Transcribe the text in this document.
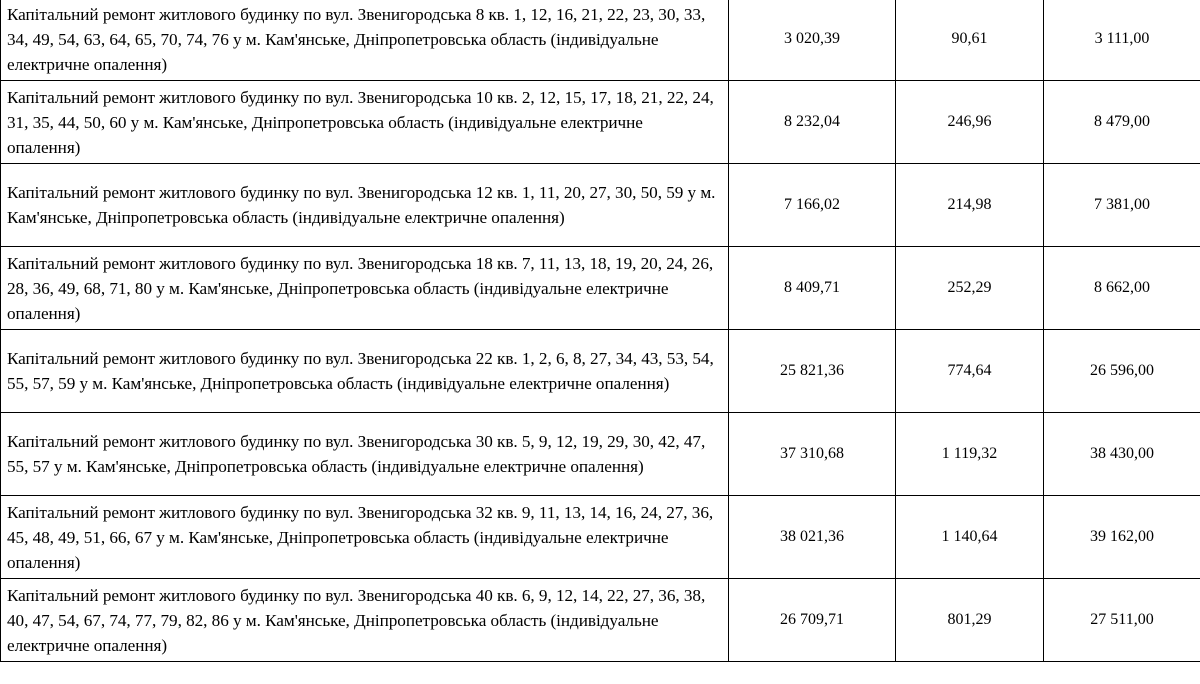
Капітальний ремонт житлового будинку по вул. Звенигородська 8 кв. 1, 12, 16, 21, 22, 23, 30, 33, 34, 49, 54, 63, 64, 65, 70, 74, 76 у м. Кам'янське, Дніпропетровська область (індивідуальне електричне опалення)	3 020,39	90,61	3 111,00
Капітальний ремонт житлового будинку по вул. Звенигородська 10 кв. 2, 12, 15, 17, 18, 21, 22, 24, 31, 35, 44, 50, 60 у м. Кам'янське, Дніпропетровська область (індивідуальне електричне опалення)	8 232,04	246,96	8 479,00
Капітальний ремонт житлового будинку по вул. Звенигородська 12 кв. 1, 11, 20, 27, 30, 50, 59 у м. Кам'янське, Дніпропетровська область (індивідуальне електричне опалення)	7 166,02	214,98	7 381,00
Капітальний ремонт житлового будинку по вул. Звенигородська 18 кв. 7, 11, 13, 18, 19, 20, 24, 26, 28, 36, 49, 68, 71, 80 у м. Кам'янське, Дніпропетровська область (індивідуальне електричне опалення)	8 409,71	252,29	8 662,00
Капітальний ремонт житлового будинку по вул. Звенигородська 22 кв. 1, 2, 6, 8, 27, 34, 43, 53, 54, 55, 57, 59 у м. Кам'янське, Дніпропетровська область (індивідуальне електричне опалення)	25 821,36	774,64	26 596,00
Капітальний ремонт житлового будинку по вул. Звенигородська 30 кв. 5, 9, 12, 19, 29, 30, 42, 47, 55, 57 у м. Кам'янське, Дніпропетровська область (індивідуальне електричне опалення)	37 310,68	1 119,32	38 430,00
Капітальний ремонт житлового будинку по вул. Звенигородська 32 кв. 9, 11, 13, 14, 16, 24, 27, 36, 45, 48, 49, 51, 66, 67 у м. Кам'янське, Дніпропетровська область (індивідуальне електричне опалення)	38 021,36	1 140,64	39 162,00
Капітальний ремонт житлового будинку по вул. Звенигородська 40 кв. 6, 9, 12, 14, 22, 27, 36, 38, 40, 47, 54, 67, 74, 77, 79, 82, 86 у м. Кам'янське, Дніпропетровська область (індивідуальне електричне опалення)	26 709,71	801,29	27 511,00
